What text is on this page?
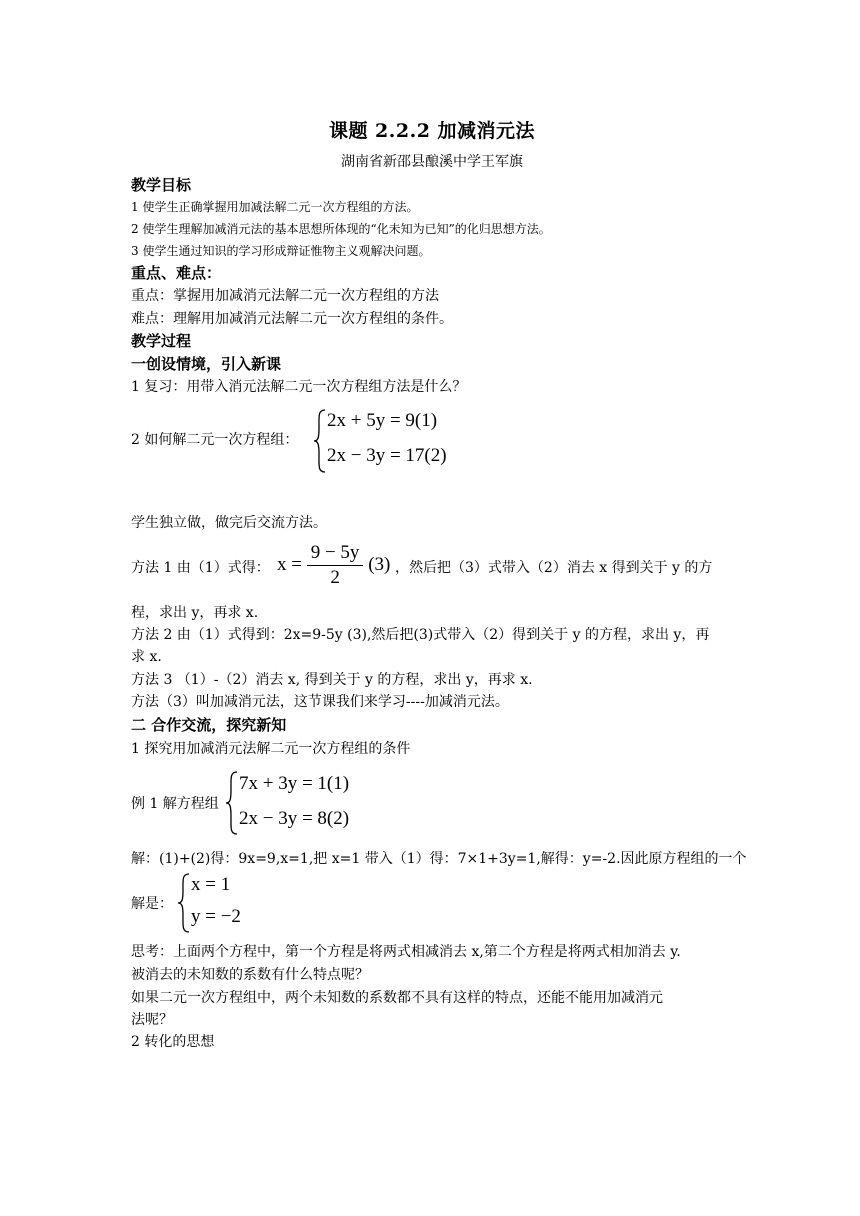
课题 2.2.2 加减消元法
湖南省新邵县酿溪中学王军旗
教学目标
1 使学生正确掌握用加减法解二元一次方程组的方法。
2 使学生理解加减消元法的基本思想所体现的“化未知为已知”的化归思想方法。
3 使学生通过知识的学习形成辩证惟物主义观解决问题。
重点、难点：
重点：掌握用加减消元法解二元一次方程组的方法
难点：理解用加减消元法解二元一次方程组的条件。
教学过程
一创设情境，引入新课
1 复习：用带入消元法解二元一次方程组方法是什么？
2 如何解二元一次方程组：
2x + 5y = 9(1)
2x − 3y = 17(2)
学生独立做，做完后交流方法。
方法 1 由（1）式得： $x = \frac{9 - 5y}{2} (3)$ ，然后把（3）式带入（2）消去 x 得到关于 y 的方
程，求出 y，再求 x.
方法 2 由（1）式得到：2x=9-5y (3),然后把(3)式带入（2）得到关于 y 的方程，求出 y，再
求 x.
方法 3 （1）-（2）消去 x, 得到关于 y 的方程，求出 y，再求 x.
方法（3）叫加减消元法，这节课我们来学习----加减消元法。
二 合作交流，探究新知
1 探究用加减消元法解二元一次方程组的条件
例 1 解方程组
7x + 3y = 1(1)
2x − 3y = 8(2)
解：(1)+(2)得：9x=9,x=1,把 x=1 带入（1）得：7×1+3y=1,解得：y=-2.因此原方程组的一个
解是：
x = 1
y = −2
思考：上面两个方程中，第一个方程是将两式相减消去 x,第二个方程是将两式相加消去 y.
被消去的未知数的系数有什么特点呢？
如果二元一次方程组中，两个未知数的系数都不具有这样的特点，还能不能用加减消元
法呢？
2 转化的思想
